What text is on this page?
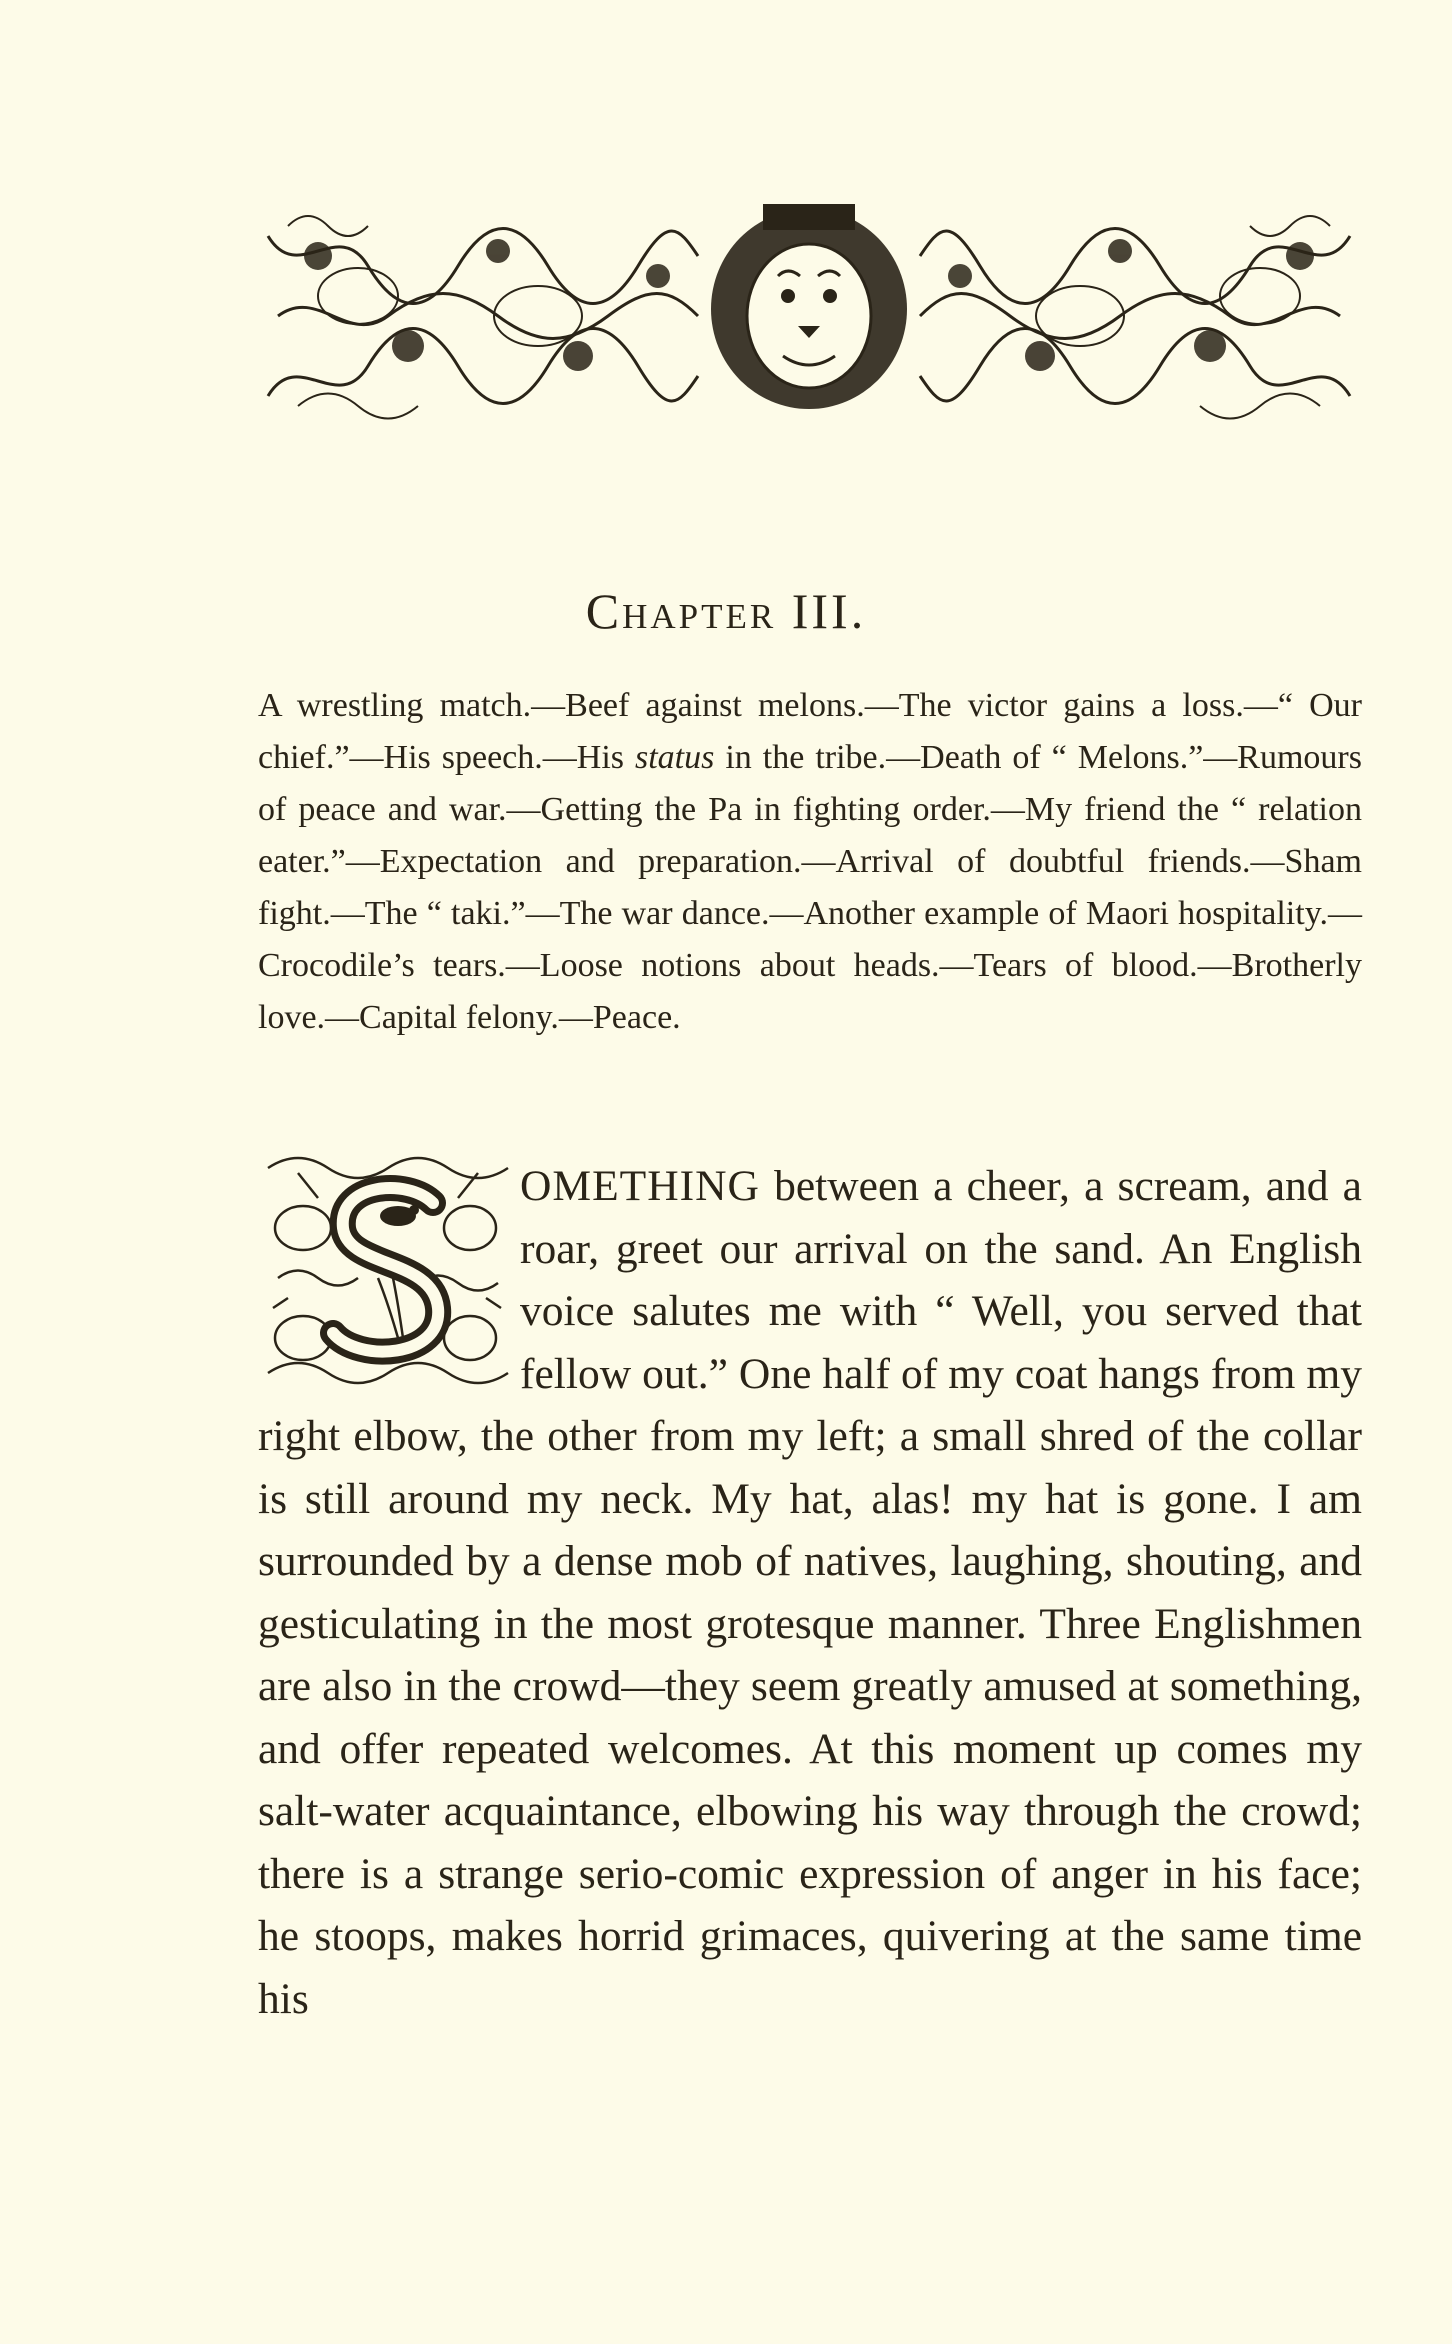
Chapter III.

A wrestling match.—Beef against melons.—The victor gains a loss.—“ Our chief.”—His speech.—His status in the tribe.—Death of “ Melons.”—Rumours of peace and war.—Getting the Pa in fighting order.—My friend the “ relation eater.”—Expectation and preparation.—Arrival of doubtful friends.—Sham fight.—The “ taki.”—The war dance.—Another example of Maori hospitality.—Crocodile’s tears.—Loose notions about heads.—Tears of blood.—Brotherly love.—Capital felony.—Peace.

OMETHING between a cheer, a scream, and a roar, greet our arrival on the sand. An English voice salutes me with “ Well, you served that fellow out.” One half of my coat hangs from my right elbow, the other from my left; a small shred of the collar is still around my neck. My hat, alas! my hat is gone. I am surrounded by a dense mob of natives, laughing, shouting, and gesticulating in the most grotesque manner. Three Englishmen are also in the crowd—they seem greatly amused at something, and offer repeated welcomes. At this moment up comes my salt-water acquaintance, elbowing his way through the crowd; there is a strange serio-comic expression of anger in his face; he stoops, makes horrid grimaces, quivering at the same time his
